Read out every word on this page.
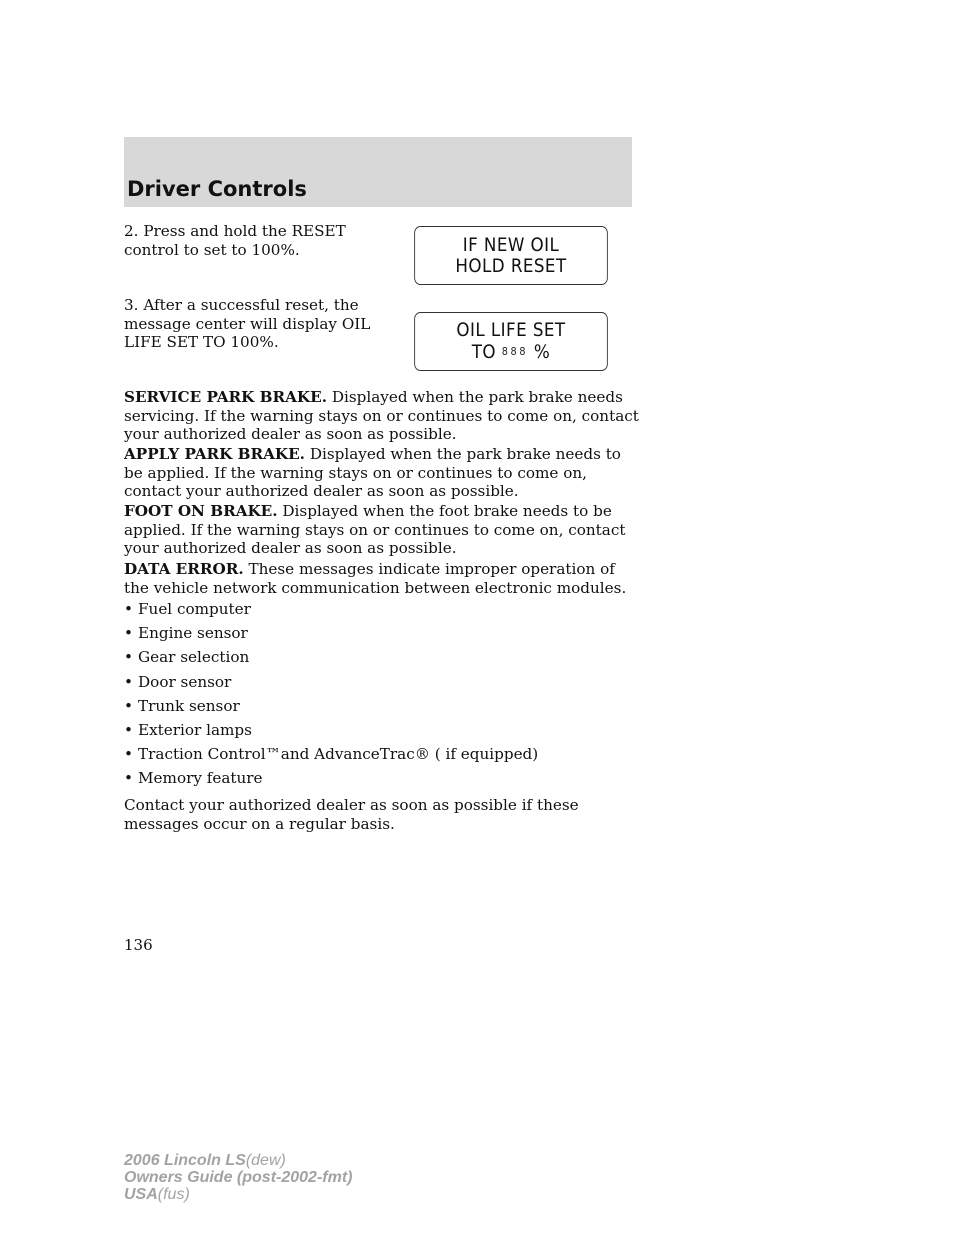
Driver Controls
2. Press and hold the RESET control to set to 100%.	IF NEW OIL
HOLD RESET
3. After a successful reset, the message center will display OIL LIFE SET TO 100%.
OIL LIFE SET
TO 888 %

SERVICE PARK BRAKE. Displayed when the park brake needs servicing. If the warning stays on or continues to come on, contact your authorized dealer as soon as possible.

APPLY PARK BRAKE. Displayed when the park brake needs to be applied. If the warning stays on or continues to come on, contact your authorized dealer as soon as possible.

FOOT ON BRAKE. Displayed when the foot brake needs to be applied. If the warning stays on or continues to come on, contact your authorized dealer as soon as possible.

DATA ERROR. These messages indicate improper operation of the vehicle network communication between electronic modules.

• Fuel computer
• Engine sensor
• Gear selection
• Door sensor
• Trunk sensor
• Exterior lamps
• Traction Control™and AdvanceTrac® ( if equipped)
• Memory feature
Contact your authorized dealer as soon as possible if these messages occur on a regular basis.
136
2006 Lincoln LS(dew)
Owners Guide (post-2002-fmt)
USA(fus)
